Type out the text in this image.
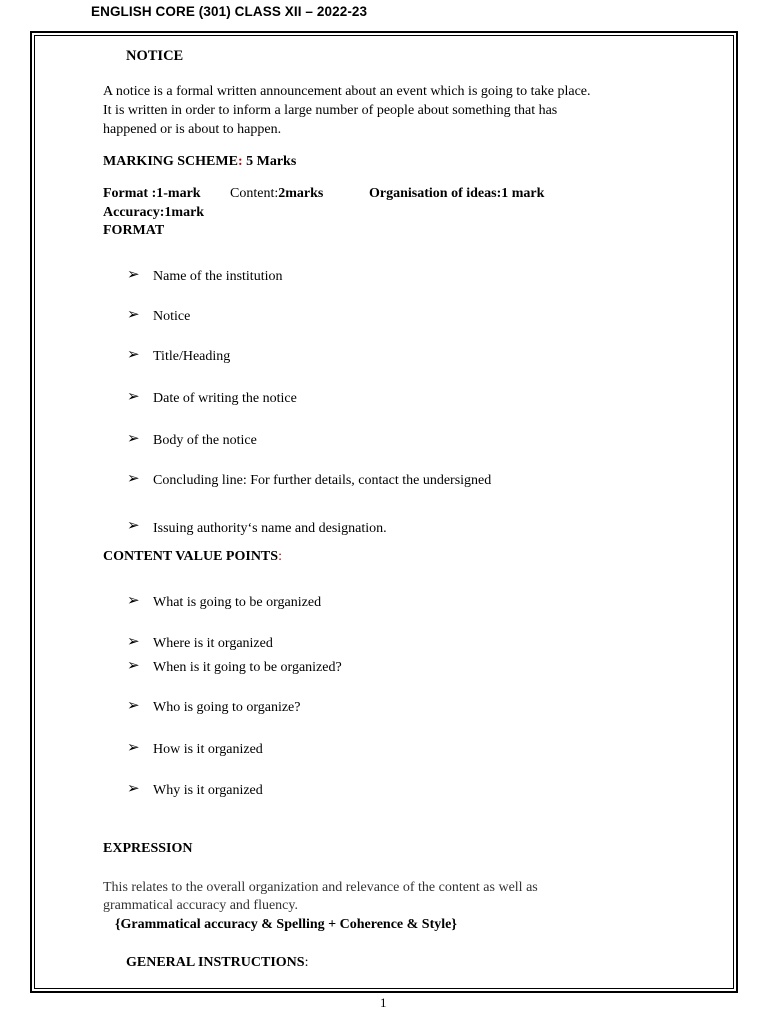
ENGLISH CORE (301) CLASS XII – 2022-23
NOTICE
A notice is a formal written announcement about an event which is going to take place.
It is written in order to inform a large number of people about something that has
happened or is about to happen.
MARKING SCHEME: 5 Marks
Format :1-mark Content:2marks	Organisation of ideas:1 mark
Accuracy:1mark
FORMAT
➢ Name of the institution
➢ Notice
➢ Title/Heading
➢ Date of writing the notice
➢ Body of the notice
➢ Concluding line: For further details, contact the undersigned
➢ Issuing authority‘s name and designation.
CONTENT VALUE POINTS:
➢ What is going to be organized
➢ Where is it organized
➢ When is it going to be organized?
➢ Who is going to organize?
➢ How is it organized
➢ Why is it organized
EXPRESSION
This relates to the overall organization and relevance of the content as well as
grammatical accuracy and fluency.
{Grammatical accuracy & Spelling + Coherence & Style}
GENERAL INSTRUCTIONS:
1
